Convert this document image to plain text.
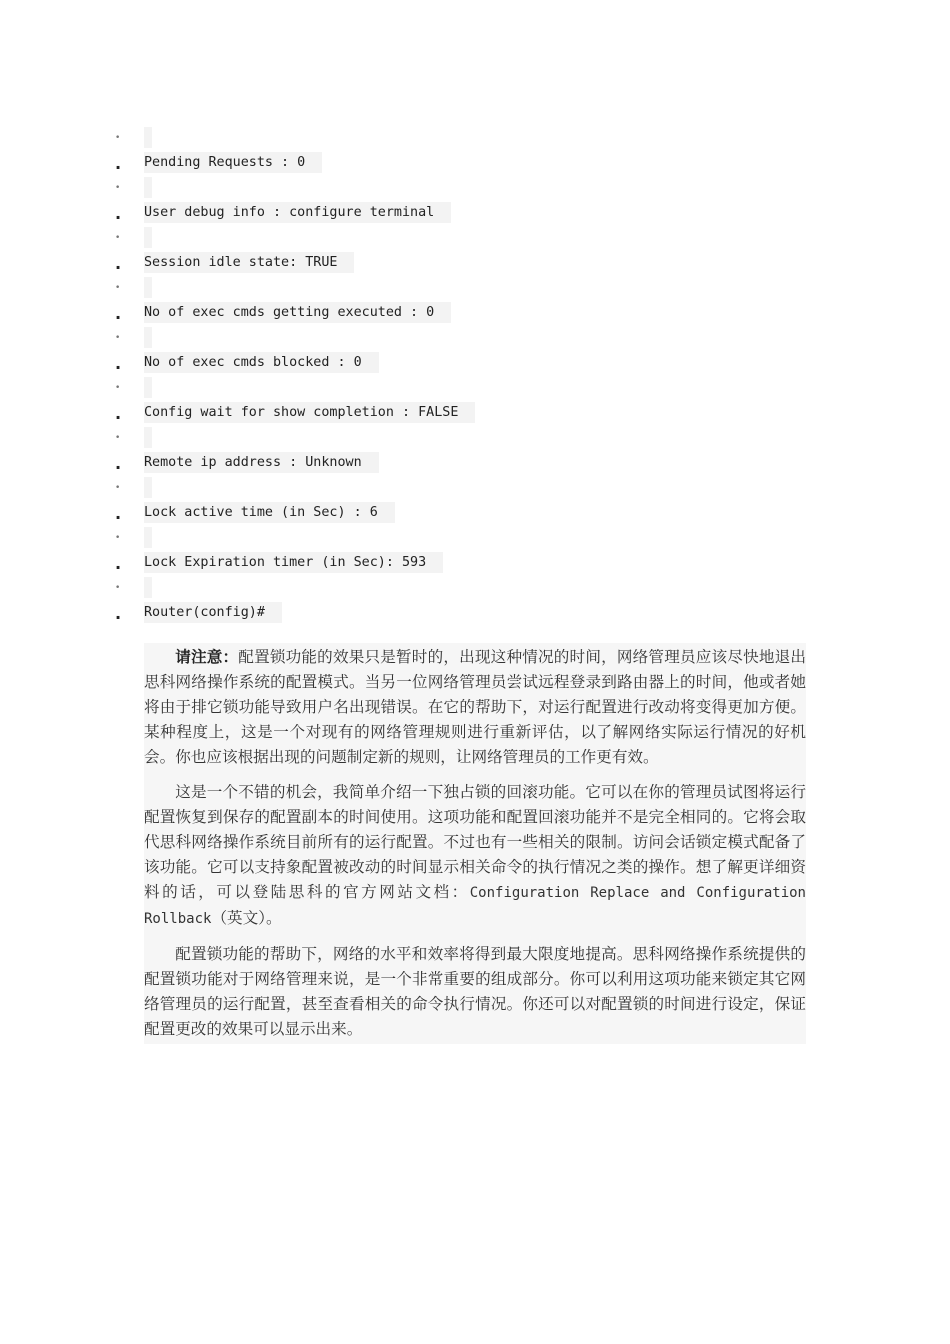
•
.	Pending Requests : 0
•
.	User debug info : configure terminal
•
.	Session idle state: TRUE
•
.	No of exec cmds getting executed : 0
•
.	No of exec cmds blocked : 0
•
.	Config wait for show completion : FALSE
•
.	Remote ip address : Unknown
•
.	Lock active time (in Sec) : 6
•
.	Lock Expiration timer (in Sec): 593
•
.	Router(config)#

请注意：配置锁功能的效果只是暂时的，出现这种情况的时间，网络管理员应该尽快地退出思科网络操作系统的配置模式。当另一位网络管理员尝试远程登录到路由器上的时间，他或者她将由于排它锁功能导致用户名出现错误。在它的帮助下，对运行配置进行改动将变得更加方便。某种程度上，这是一个对现有的网络管理规则进行重新评估，以了解网络实际运行情况的好机会。你也应该根据出现的问题制定新的规则，让网络管理员的工作更有效。

这是一个不错的机会，我简单介绍一下独占锁的回滚功能。它可以在你的管理员试图将运行配置恢复到保存的配置副本的时间使用。这项功能和配置回滚功能并不是完全相同的。它将会取代思科网络操作系统目前所有的运行配置。不过也有一些相关的限制。访问会话锁定模式配备了该功能。它可以支持象配置被改动的时间显示相关命令的执行情况之类的操作。想了解更详细资料的话，可以登陆思科的官方网站文档：Configuration Replace and Configuration Rollback（英文）。

配置锁功能的帮助下，网络的水平和效率将得到最大限度地提高。思科网络操作系统提供的配置锁功能对于网络管理来说，是一个非常重要的组成部分。你可以利用这项功能来锁定其它网络管理员的运行配置，甚至查看相关的命令执行情况。你还可以对配置锁的时间进行设定，保证配置更改的效果可以显示出来。
